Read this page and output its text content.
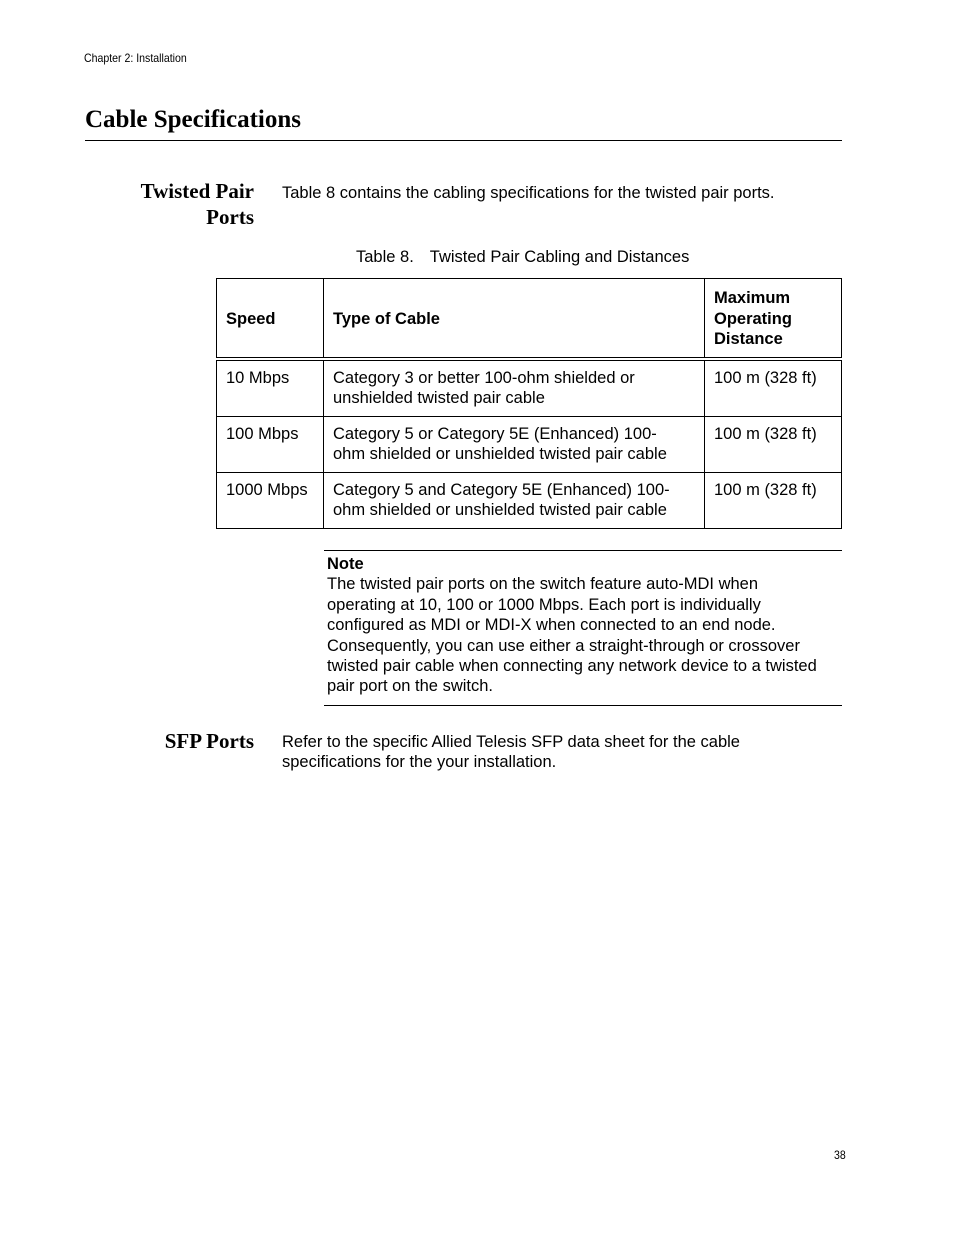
Chapter 2: Installation
Cable Specifications
Twisted Pair
Ports
Table 8 contains the cabling specifications for the twisted pair ports.
Table 8. Twisted Pair Cabling and Distances
Speed	Type of Cable	Maximum
Operating
Distance

10 Mbps	Category 3 or better 100-ohm shielded or
unshielded twisted pair cable	100 m (328 ft)
100 Mbps	Category 5 or Category 5E (Enhanced) 100-
ohm shielded or unshielded twisted pair cable	100 m (328 ft)
1000 Mbps	Category 5 and Category 5E (Enhanced) 100-
ohm shielded or unshielded twisted pair cable	100 m (328 ft)
Note
The twisted pair ports on the switch feature auto-MDI when
operating at 10, 100 or 1000 Mbps. Each port is individually
configured as MDI or MDI-X when connected to an end node.
Consequently, you can use either a straight-through or crossover
twisted pair cable when connecting any network device to a twisted
pair port on the switch.
SFP Ports Refer to the specific Allied Telesis SFP data sheet for the cable
specifications for the your installation.
38
